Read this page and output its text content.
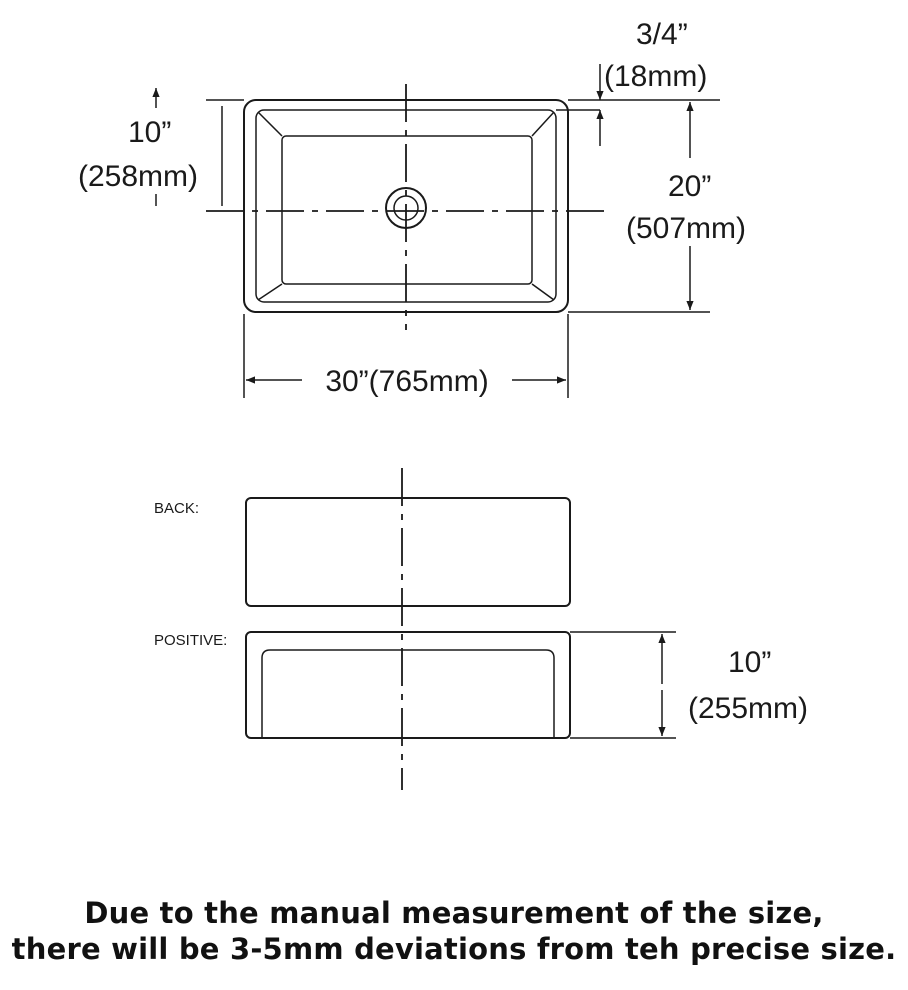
3/4”
(18mm)
10”
(258mm)	20”
(507mm)
30”(765mm)
BACK:
POSITIVE:
10”
(255mm)
Due to the manual measurement of the size,
there will be 3-5mm deviations from teh precise size.
